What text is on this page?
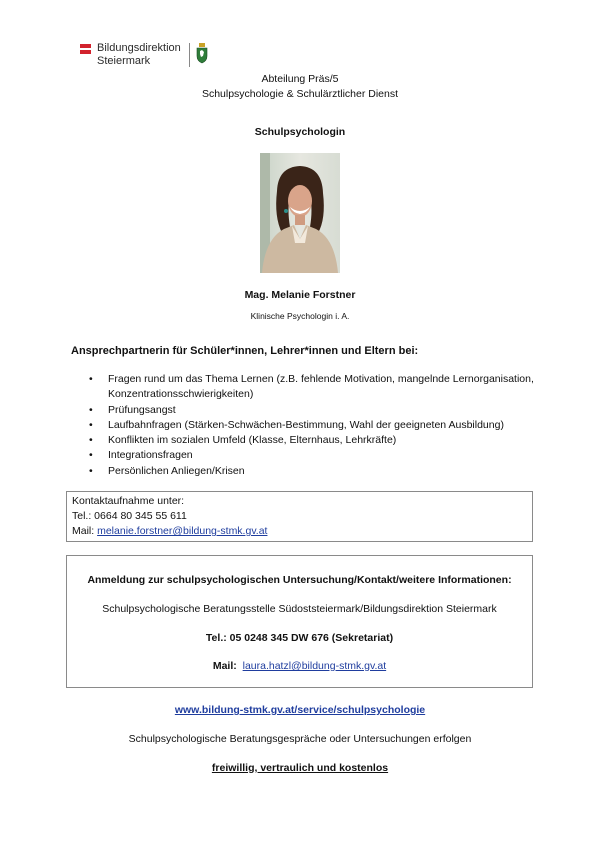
Bildungsdirektion
Steiermark
Abteilung Präs/5
Schulpsychologie & Schulärztlicher Dienst
Schulpsychologin
Mag. Melanie Forstner
Klinische Psychologin i. A.
Ansprechpartnerin für Schüler*innen, Lehrer*innen und Eltern bei:
• Fragen rund um das Thema Lernen (z.B. fehlende Motivation, mangelnde Lernorganisation, Konzentrationsschwierigkeiten)
• Prüfungsangst
• Laufbahnfragen (Stärken-Schwächen-Bestimmung, Wahl der geeigneten Ausbildung)
• Konflikten im sozialen Umfeld (Klasse, Elternhaus, Lehrkräfte)
• Integrationsfragen
• Persönlichen Anliegen/Krisen
Kontaktaufnahme unter:
Tel.: 0664 80 345 55 611
Mail: melanie.forstner@bildung-stmk.gv.at
Anmeldung zur schulpsychologischen Untersuchung/Kontakt/weitere Informationen:
Schulpsychologische Beratungsstelle Südoststeiermark/Bildungsdirektion Steiermark
Tel.: 05 0248 345 DW 676 (Sekretariat)
Mail:  laura.hatzl@bildung-stmk.gv.at
www.bildung-stmk.gv.at/service/schulpsychologie
Schulpsychologische Beratungsgespräche oder Untersuchungen erfolgen
freiwillig, vertraulich und kostenlos
